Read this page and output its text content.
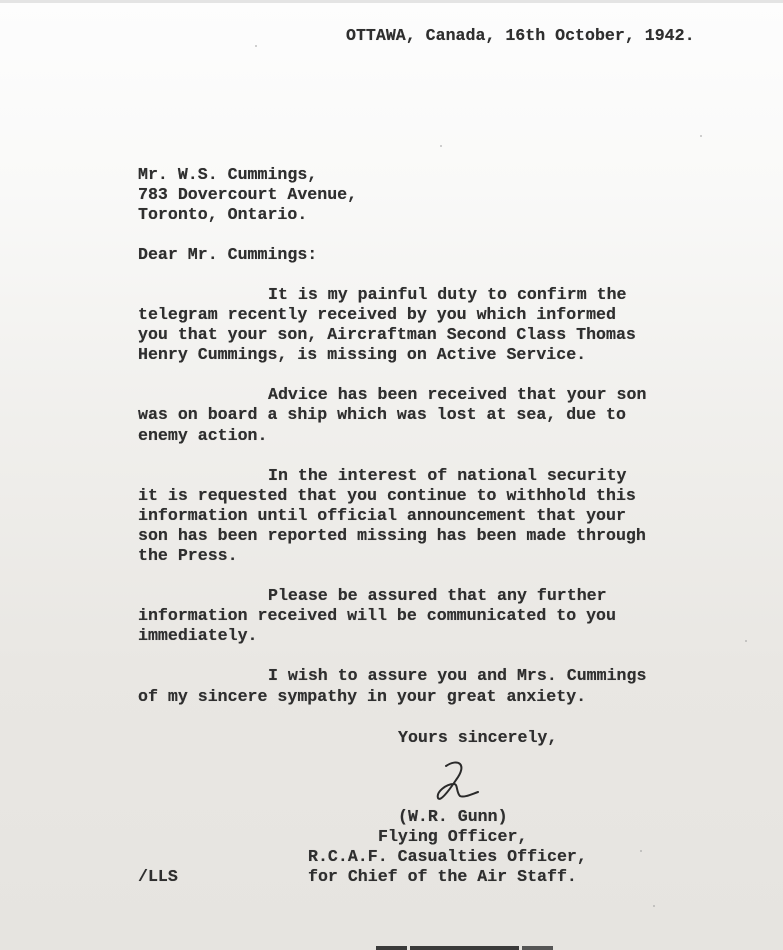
OTTAWA, Canada, 16th October, 1942.
Mr. W.S. Cummings,
783 Dovercourt Avenue,
Toronto, Ontario.
Dear Mr. Cummings:
It is my painful duty to confirm the
telegram recently received by you which informed
you that your son, Aircraftman Second Class Thomas
Henry Cummings, is missing on Active Service.
Advice has been received that your son
was on board a ship which was lost at sea, due to
enemy action.
In the interest of national security
it is requested that you continue to withhold this
information until official announcement that your
son has been reported missing has been made through
the Press.
Please be assured that any further
information received will be communicated to you
immediately.
I wish to assure you and Mrs. Cummings
of my sincere sympathy in your great anxiety.
Yours sincerely,
(W.R. Gunn)
Flying Officer,
R.C.A.F. Casualties Officer,
for Chief of the Air Staff.
/LLS
